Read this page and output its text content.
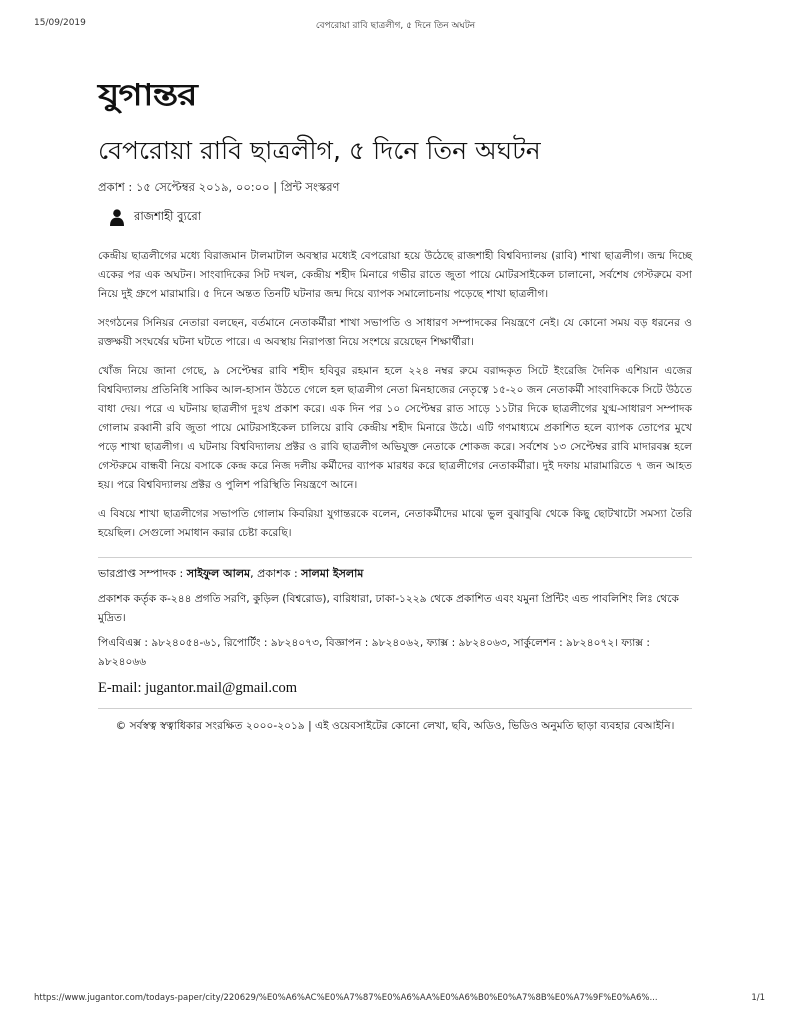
15/09/2019	বেপরোয়া রাবি ছাত্রলীগ, ৫ দিনে তিন অঘটন
যুগান্তর
বেপরোয়া রাবি ছাত্রলীগ, ৫ দিনে তিন অঘটন
প্রকাশ : ১৫ সেপ্টেম্বর ২০১৯, ০০:০০ | প্রিন্ট সংস্করণ
রাজশাহী ব্যুরো

কেন্দ্রীয় ছাত্রলীগের মধ্যে বিরাজমান টালমাটাল অবস্থার মধ্যেই বেপরোয়া হয়ে উঠেছে রাজশাহী বিশ্ববিদ্যালয় (রাবি) শাখা ছাত্রলীগ। জন্ম দিচ্ছে একের পর এক অঘটন। সাংবাদিকের সিট দখল, কেন্দ্রীয় শহীদ মিনারে গভীর রাতে জুতা পায়ে মোটরসাইকেল চালানো, সর্বশেষ গেস্টরুমে বসা নিয়ে দুই গ্রুপে মারামারি। ৫ দিনে অন্তত তিনটি ঘটনার জন্ম দিয়ে ব্যাপক সমালোচনায় পড়েছে শাখা ছাত্রলীগ।

সংগঠনের সিনিয়র নেতারা বলছেন, বর্তমানে নেতাকর্মীরা শাখা সভাপতি ও সাধারণ সম্পাদকের নিয়ন্ত্রণে নেই। যে কোনো সময় বড় ধরনের ও রক্তক্ষয়ী সংঘর্ষের ঘটনা ঘটতে পারে। এ অবস্থায় নিরাপত্তা নিয়ে সংশয়ে রয়েছেন শিক্ষার্থীরা।

খোঁজ নিয়ে জানা গেছে, ৯ সেপ্টেম্বর রাবি শহীদ হবিবুর রহমান হলে ২২৪ নম্বর রুমে বরাদ্দকৃত সিটে ইংরেজি দৈনিক এশিয়ান এজের বিশ্ববিদ্যালয় প্রতিনিধি সাকিব আল-হাসান উঠতে গেলে হল ছাত্রলীগ নেতা মিনহাজের নেতৃত্বে ১৫-২০ জন নেতাকর্মী সাংবাদিককে সিটে উঠতে বাধা দেয়। পরে এ ঘটনায় ছাত্রলীগ দুঃখ প্রকাশ করে। এক দিন পর ১০ সেপ্টেম্বর রাত সাড়ে ১১টার দিকে ছাত্রলীগের যুগ্ম-সাধারণ সম্পাদক গোলাম রব্বানী রবি জুতা পায়ে মোটরসাইকেল চালিয়ে রাবি কেন্দ্রীয় শহীদ মিনারে উঠে। এটি গণমাধ্যমে প্রকাশিত হলে ব্যাপক তোপের মুখে পড়ে শাখা ছাত্রলীগ। এ ঘটনায় বিশ্ববিদ্যালয় প্রক্টর ও রাবি ছাত্রলীগ অভিযুক্ত নেতাকে শোকজ করে। সর্বশেষ ১৩ সেপ্টেম্বর রাবি মাদারবক্স হলে গেস্টরুমে বান্ধবী নিয়ে বসাকে কেন্দ্র করে নিজ দলীয় কর্মীদের ব্যাপক মারধর করে ছাত্রলীগের নেতাকর্মীরা। দুই দফায় মারামারিতে ৭ জন আহত হয়। পরে বিশ্ববিদ্যালয় প্রক্টর ও পুলিশ পরিস্থিতি নিয়ন্ত্রণে আনে।

এ বিষয়ে শাখা ছাত্রলীগের সভাপতি গোলাম কিবরিয়া যুগান্তরকে বলেন, নেতাকর্মীদের মাঝে ভুল বুঝাবুঝি থেকে কিছু ছোটখাটো সমস্যা তৈরি হয়েছিল। সেগুলো সমাধান করার চেষ্টা করেছি।

ভারপ্রাপ্ত সম্পাদক : সাইফুল আলম, প্রকাশক : সালমা ইসলাম
প্রকাশক কর্তৃক ক-২৪৪ প্রগতি সরণি, কুড়িল (বিশ্বরোড), বারিধারা, ঢাকা-১২২৯ থেকে প্রকাশিত এবং যমুনা প্রিন্টিং এন্ড পাবলিশিং লিঃ থেকে মুদ্রিত।
পিএবিএক্স : ৯৮২৪০৫৪-৬১, রিপোর্টিং : ৯৮২৪০৭৩, বিজ্ঞাপন : ৯৮২৪০৬২, ফ্যাক্স : ৯৮২৪০৬৩, সার্কুলেশন : ৯৮২৪০৭২। ফ্যাক্স : ৯৮২৪০৬৬
E-mail: jugantor.mail@gmail.com
© সর্বস্বত্ব স্বত্বাধিকার সংরক্ষিত ২০০০-২০১৯ | এই ওয়েবসাইটের কোনো লেখা, ছবি, অডিও, ভিডিও অনুমতি ছাড়া ব্যবহার বেআইনি।
https://www.jugantor.com/todays-paper/city/220629/%E0%A6%AC%E0%A7%87%E0%A6%AA%E0%A6%B0%E0%A7%8B%E0%A7%9F%E0%A6%...	1/1
